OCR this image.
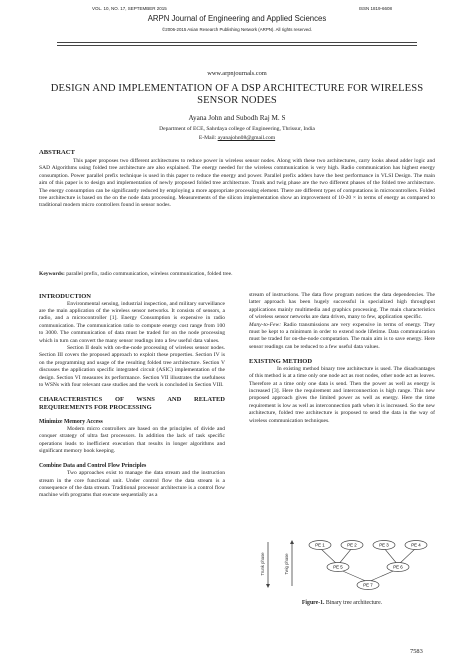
VOL. 10, NO. 17, SEPTEMBER 2015	ISSN 1819-6608
ARPN Journal of Engineering and Applied Sciences
©2006-2015 Asian Research Publishing Network (ARPN). All rights reserved.
www.arpnjournals.com
DESIGN AND IMPLEMENTATION OF A DSP ARCHITECTURE FOR WIRELESS SENSOR NODES
Ayana John and Subodh Raj M. S
Department of ECE, Sahrdaya college of Engineering, Thrissur, India
E-Mail: ayanajohn08@gmail.com
ABSTRACT
This paper proposes two different architectures to reduce power in wireless sensor nodes. Along with these two architectures, carry looks ahead adder logic and SAD Algorithms using folded tree architecture are also explained. The energy needed for the wireless communication is very high. Radio communication has highest energy consumption. Power parallel prefix technique is used in this paper to reduce the energy and power. Parallel prefix adders have the best performance in VLSI Design. The main aim of this paper is to design and implementation of newly proposed folded tree architecture. Trunk and twig phase are the two different phases of the folded tree architecture. The energy consumption can be significantly reduced by employing a more appropriate processing element. There are different types of computations in microcontrollers. Folded tree architecture is based on the on the node data processing. Measurements of the silicon implementation show an improvement of 10-20 × in terms of energy as compared to traditional modern micro controllers found in sensor nodes.
Keywords: parallel prefix, radio communication, wireless communication, folded tree.

INTRODUCTION

Environmental sensing, industrial inspection, and military surveillance are the main application of the wireless sensor networks. It consists of sensors, a radio, and a microcontroller [1]. Energy Consumption is expensive in radio communication. The communication ratio to compute energy cost range from 100 to 3000. The communication of data must be traded for on the node processing which in turn can convert the many sensor readings into a few useful data values.

Section II deals with on-the-node processing of wireless sensor nodes. Section III covers the proposed approach to exploit these properties. Section IV is on the programming and usage of the resulting folded tree architecture. Section V discusses the application specific integrated circuit (ASIC) implementation of the design. Section VI measures its performance. Section VII illustrates the usefulness to WSNs with four relevant case studies and the work is concluded in Section VIII.

CHARACTERISTICS OF WSNS AND RELATED REQUIREMENTS FOR PROCESSING

Minimize Memory Access

Modern micro controllers are based on the principles of divide and conquer strategy of ultra fast processors. In addition the lack of task specific operations leads to inefficient execution that results in longer algorithms and significant memory book keeping.

Combine Data and Control Flow Principles

Two approaches exist to manage the data stream and the instruction stream in the core functional unit. Under control flow the data stream is a consequence of the data stream. Traditional processor architecture is a control flow machine with programs that execute sequentially as a

stream of instructions. The data flow program notices the data dependencies. The latter approach has been hugely successful in specialized high throughput applications mainly multimedia and graphics processing. The main characteristics of wireless sensor networks are data driven, many to few, application specific.

Many-to-Few: Radio transmissions are very expensive in terms of energy. They must be kept to a minimum in order to extend node lifetime. Data communication must be traded for on-the-node computation. The main aim is to save energy. Here sensor readings can be reduced to a few useful data values.

EXISTING METHOD

In existing method binary tree architecture is used. The disadvantages of this method is at a time only one node act as root nodes, other node act as leaves. Therefore at a time only one data is send. Then the power as well as energy is increased [3]. Here the requirement and interconnection is high range. This new proposed approach gives the limited power as well as energy. Here the time requirement is low as well as interconnection path when it is increased. So the new architecture, folded tree architecture is proposed to send the data in the way of wireless communication techniques.

Trunk phase	Twig phase
PE 1	PE 2	PE 3	PE 4
PE 5	PE 6
PE 7
Figure-1. Binary tree architecture.
7583
